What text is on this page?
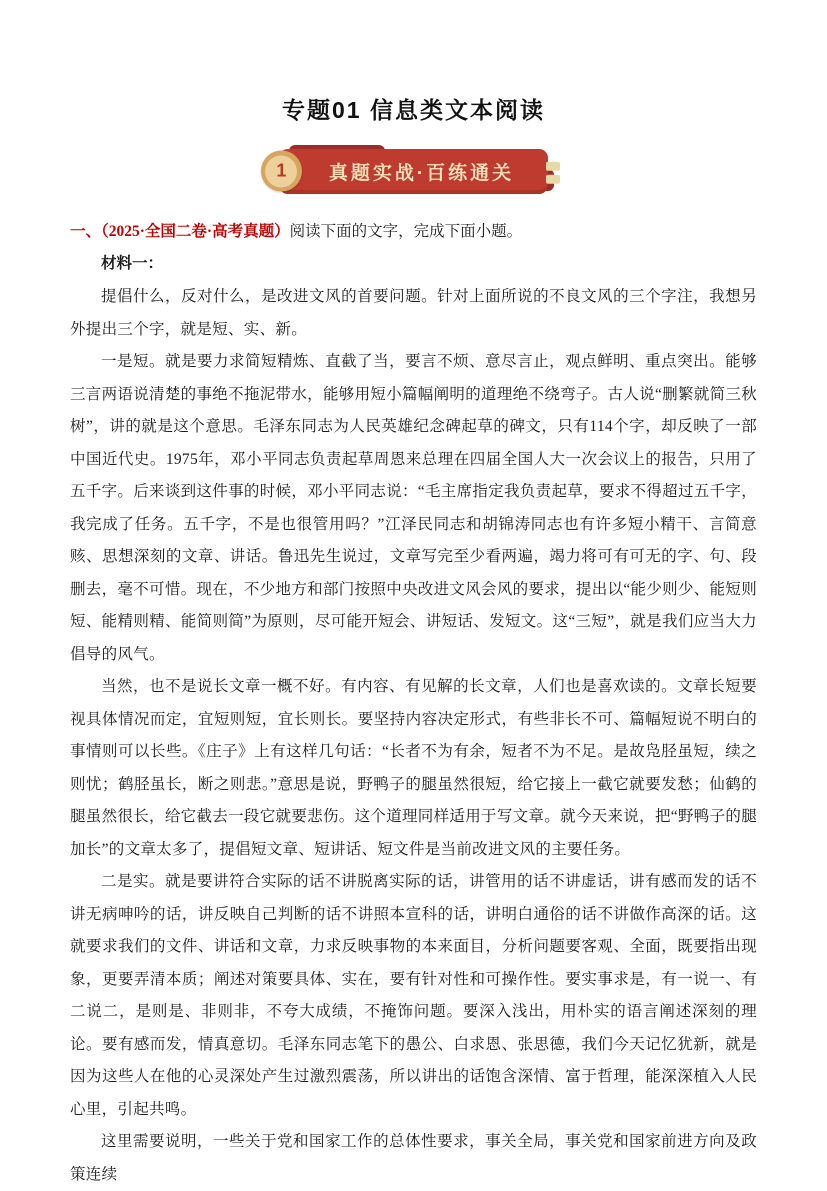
专题01 信息类文本阅读
真题实战·百练通关
1
一、（2025·全国二卷·高考真题）阅读下面的文字，完成下面小题。
材料一：

提倡什么，反对什么，是改进文风的首要问题。针对上面所说的不良文风的三个字注，我想另外提出三个字，就是短、实、新。

一是短。就是要力求简短精炼、直截了当，要言不烦、意尽言止，观点鲜明、重点突出。能够三言两语说清楚的事绝不拖泥带水，能够用短小篇幅阐明的道理绝不绕弯子。古人说“删繁就简三秋树”，讲的就是这个意思。毛泽东同志为人民英雄纪念碑起草的碑文，只有114个字，却反映了一部中国近代史。1975年，邓小平同志负责起草周恩来总理在四届全国人大一次会议上的报告，只用了五千字。后来谈到这件事的时候，邓小平同志说：“毛主席指定我负责起草，要求不得超过五千字，我完成了任务。五千字，不是也很管用吗？”江泽民同志和胡锦涛同志也有许多短小精干、言简意赅、思想深刻的文章、讲话。鲁迅先生说过，文章写完至少看两遍，竭力将可有可无的字、句、段删去，毫不可惜。现在，不少地方和部门按照中央改进文风会风的要求，提出以“能少则少、能短则短、能精则精、能简则简”为原则，尽可能开短会、讲短话、发短文。这“三短”，就是我们应当大力倡导的风气。

当然，也不是说长文章一概不好。有内容、有见解的长文章，人们也是喜欢读的。文章长短要视具体情况而定，宜短则短，宜长则长。要坚持内容决定形式，有些非长不可、篇幅短说不明白的事情则可以长些。《庄子》上有这样几句话：“长者不为有余，短者不为不足。是故凫胫虽短，续之则忧；鹤胫虽长，断之则悲。”意思是说，野鸭子的腿虽然很短，给它接上一截它就要发愁；仙鹤的腿虽然很长，给它截去一段它就要悲伤。这个道理同样适用于写文章。就今天来说，把“野鸭子的腿加长”的文章太多了，提倡短文章、短讲话、短文件是当前改进文风的主要任务。

二是实。就是要讲符合实际的话不讲脱离实际的话，讲管用的话不讲虚话，讲有感而发的话不讲无病呻吟的话，讲反映自己判断的话不讲照本宣科的话，讲明白通俗的话不讲做作高深的话。这就要求我们的文件、讲话和文章，力求反映事物的本来面目，分析问题要客观、全面，既要指出现象，更要弄清本质；阐述对策要具体、实在，要有针对性和可操作性。要实事求是，有一说一、有二说二，是则是、非则非，不夸大成绩，不掩饰问题。要深入浅出，用朴实的语言阐述深刻的理论。要有感而发，情真意切。毛泽东同志笔下的愚公、白求恩、张思德，我们今天记忆犹新，就是因为这些人在他的心灵深处产生过激烈震荡，所以讲出的话饱含深情、富于哲理，能深深植入人民心里，引起共鸣。

这里需要说明，一些关于党和国家工作的总体性要求，事关全局，事关党和国家前进方向及政策连续
